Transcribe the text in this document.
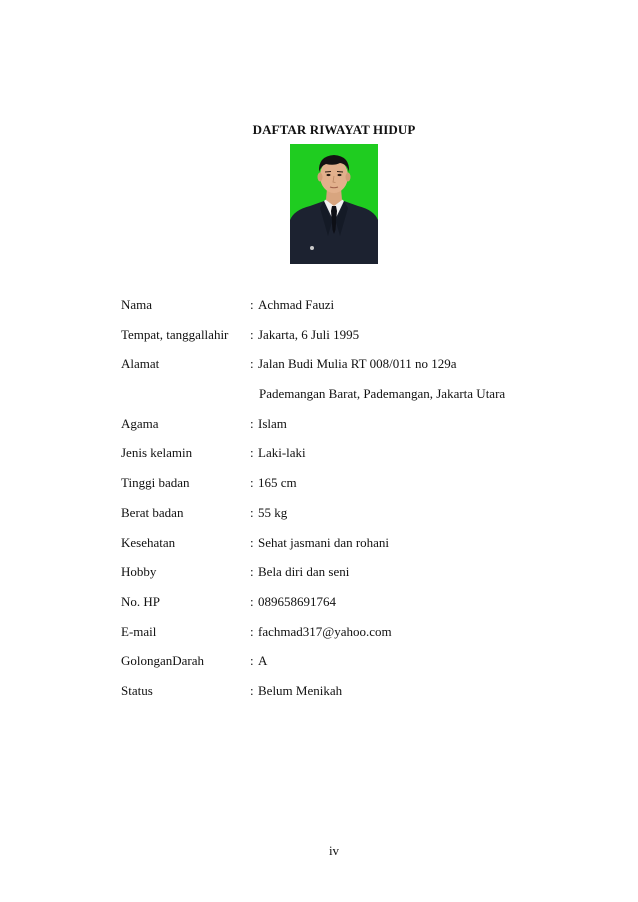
DAFTAR RIWAYAT HIDUP
Nama	: Achmad Fauzi
Tempat, tanggallahir : Jakarta, 6 Juli 1995
Alamat	: Jalan Budi Mulia RT 008/011 no 129a
Pademangan Barat, Pademangan, Jakarta Utara
Agama	: Islam
Jenis kelamin	: Laki-laki
Tinggi badan	: 165 cm
Berat badan	: 55 kg
Kesehatan	: Sehat jasmani dan rohani
Hobby	: Bela diri dan seni
No. HP	: 089658691764
E-mail	: fachmad317@yahoo.com
GolonganDarah	: A
Status	: Belum Menikah
iv
